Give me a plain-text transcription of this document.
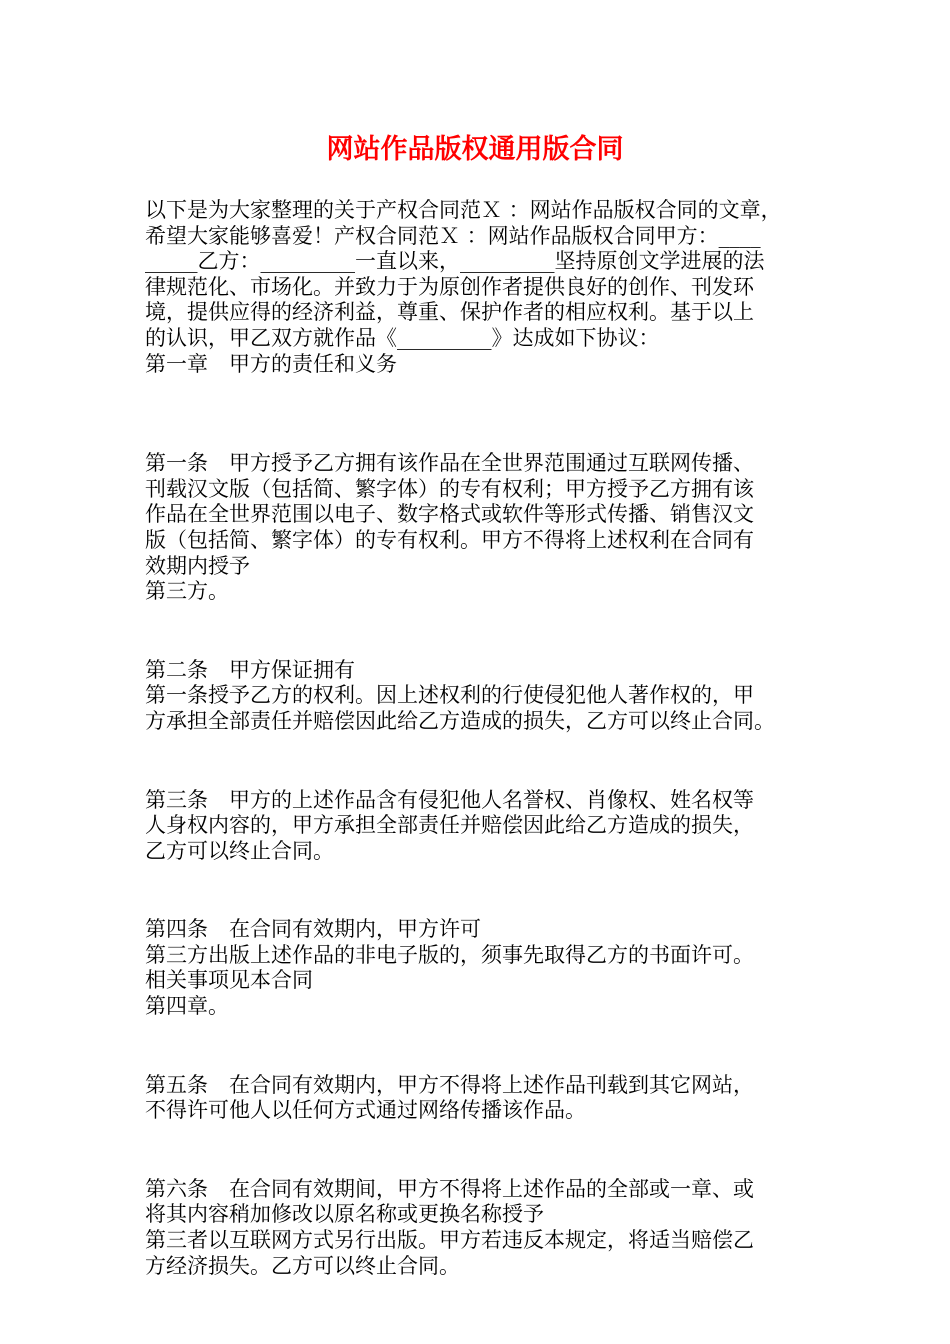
网站作品版权通用版合同
以下是为大家整理的关于产权合同范Ｘ ：网站作品版权合同的文章，
希望大家能够喜爱！产权合同范Ｘ ：网站作品版权合同甲方：____
_____乙方：_________一直以来，_________坚持原创文学进展的法
律规范化、市场化。并致力于为原创作者提供良好的创作、刊发环
境，提供应得的经济利益，尊重、保护作者的相应权利。基于以上
的认识，甲乙双方就作品《_________》达成如下协议：
第一章　甲方的责任和义务
第一条　甲方授予乙方拥有该作品在全世界范围通过互联网传播、
刊载汉文版（包括简、繁字体）的专有权利；甲方授予乙方拥有该
作品在全世界范围以电子、数字格式或软件等形式传播、销售汉文
版（包括简、繁字体）的专有权利。甲方不得将上述权利在合同有
效期内授予
第三方。
第二条　甲方保证拥有
第一条授予乙方的权利。因上述权利的行使侵犯他人著作权的，甲
方承担全部责任并赔偿因此给乙方造成的损失，乙方可以终止合同。
第三条　甲方的上述作品含有侵犯他人名誉权、肖像权、姓名权等
人身权内容的，甲方承担全部责任并赔偿因此给乙方造成的损失，
乙方可以终止合同。
第四条　在合同有效期内，甲方许可
第三方出版上述作品的非电子版的，须事先取得乙方的书面许可。
相关事项见本合同
第四章。
第五条　在合同有效期内，甲方不得将上述作品刊载到其它网站，
不得许可他人以任何方式通过网络传播该作品。
第六条　在合同有效期间，甲方不得将上述作品的全部或一章、或
将其内容稍加修改以原名称或更换名称授予
第三者以互联网方式另行出版。甲方若违反本规定，将适当赔偿乙
方经济损失。乙方可以终止合同。
